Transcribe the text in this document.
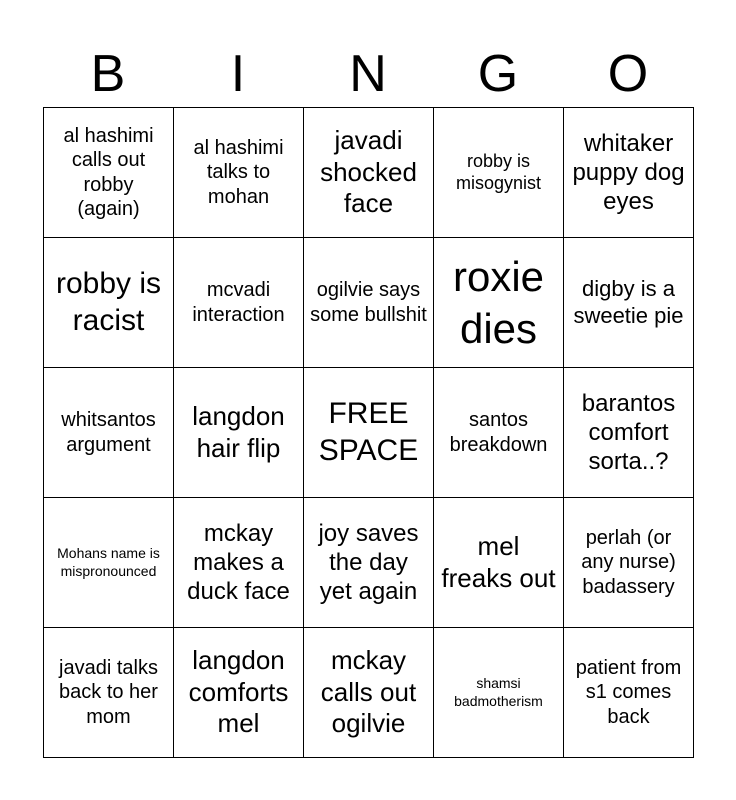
B	I	N	G	O
al hashimi calls out robby (again)	al hashimi talks to mohan	javadi shocked face	robby is misogynist	whitaker puppy dog eyes

robby is racist	mcvadi interaction	ogilvie says some bullshit	roxie dies	digby is a sweetie pie

whitsantos argument	langdon hair flip	FREE SPACE	santos breakdown	barantos comfort sorta..?

Mohans name is mispronounced	mckay makes a duck face	joy saves the day yet again	mel freaks out	perlah (or any nurse) badassery

javadi talks back to her mom	langdon comforts mel	mckay calls out ogilvie	shamsi badmotherism	patient from s1 comes back
